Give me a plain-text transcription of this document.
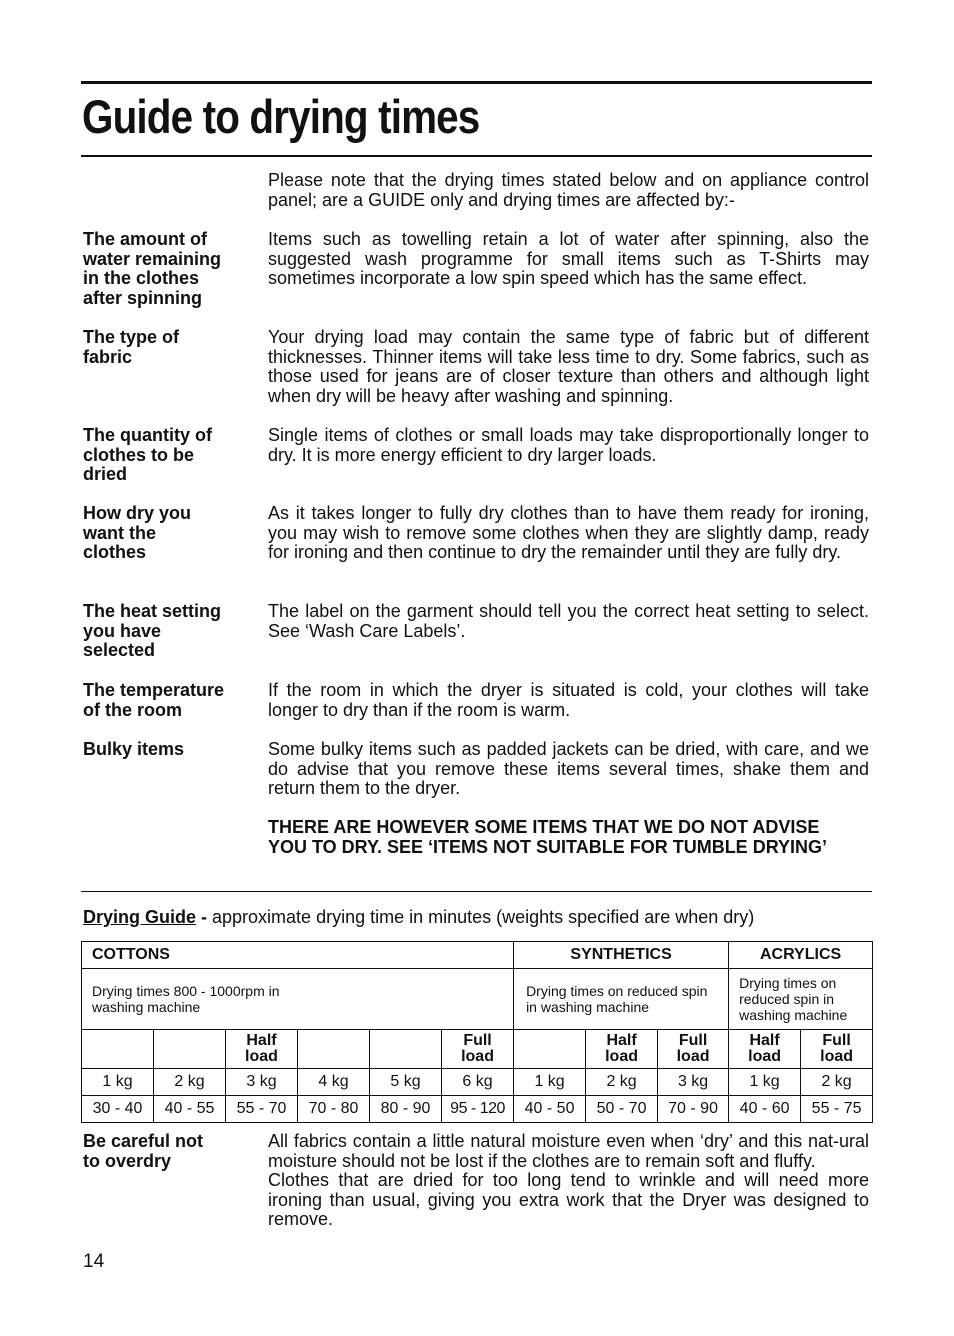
Guide to drying times

Please note that the drying times stated below and on appliance control panel; are a GUIDE only and drying times are affected by:-

The amount of
water remaining
in the clothes
after spinning
Items such as towelling retain a lot of water after spinning, also the suggested wash programme for small items such as T-Shirts may sometimes incorporate a low spin speed which has the same effect.
The type of
fabric
Your drying load may contain the same type of fabric but of different thicknesses. Thinner items will take less time to dry. Some fabrics, such as those used for jeans are of closer texture than others and although light when dry will be heavy after washing and spinning.
The quantity of
clothes to be
dried
Single items of clothes or small loads may take disproportionally longer to dry. It is more energy efficient to dry larger loads.
How dry you
want the
clothes
As it takes longer to fully dry clothes than to have them ready for ironing, you may wish to remove some clothes when they are slightly damp, ready for ironing and then continue to dry the remainder until they are fully dry.
The heat setting
you have
selected
The label on the garment should tell you the correct heat setting to select. See ‘Wash Care Labels’.
The temperature
of the room
If the room in which the dryer is situated is cold, your clothes will take longer to dry than if the room is warm.
Bulky items	Some bulky items such as padded jackets can be dried, with care, and we do advise that you remove these items several times, shake them and return them to the dryer.
THERE ARE HOWEVER SOME ITEMS THAT WE DO NOT ADVISE
YOU TO DRY. SEE ‘ITEMS NOT SUITABLE FOR TUMBLE DRYING’
Drying Guide - approximate drying time in minutes (weights specified are when dry)
COTTONS						SYNTHETICS			ACRYLICS	

Drying times 800 - 1000rpm in washing machine						Drying times on reduced spin in washing machine			Drying times on reduced spin in washing machine	

		Half load			Full load		Half load	Full load	Half load	Full load

1 kg	2 kg	3 kg	4 kg	5 kg	6 kg	1 kg	2 kg	3 kg	1 kg	2 kg
30 - 40	40 - 55	55 - 70	70 - 80	80 - 90	95 - 120	40 - 50	50 - 70	70 - 90	40 - 60	55 - 75
Be careful not
to overdry
All fabrics contain a little natural moisture even when ‘dry’ and this nat-ural moisture should not be lost if the clothes are to remain soft and fluffy.
Clothes that are dried for too long tend to wrinkle and will need more ironing than usual, giving you extra work that the Dryer was designed to remove.
14
